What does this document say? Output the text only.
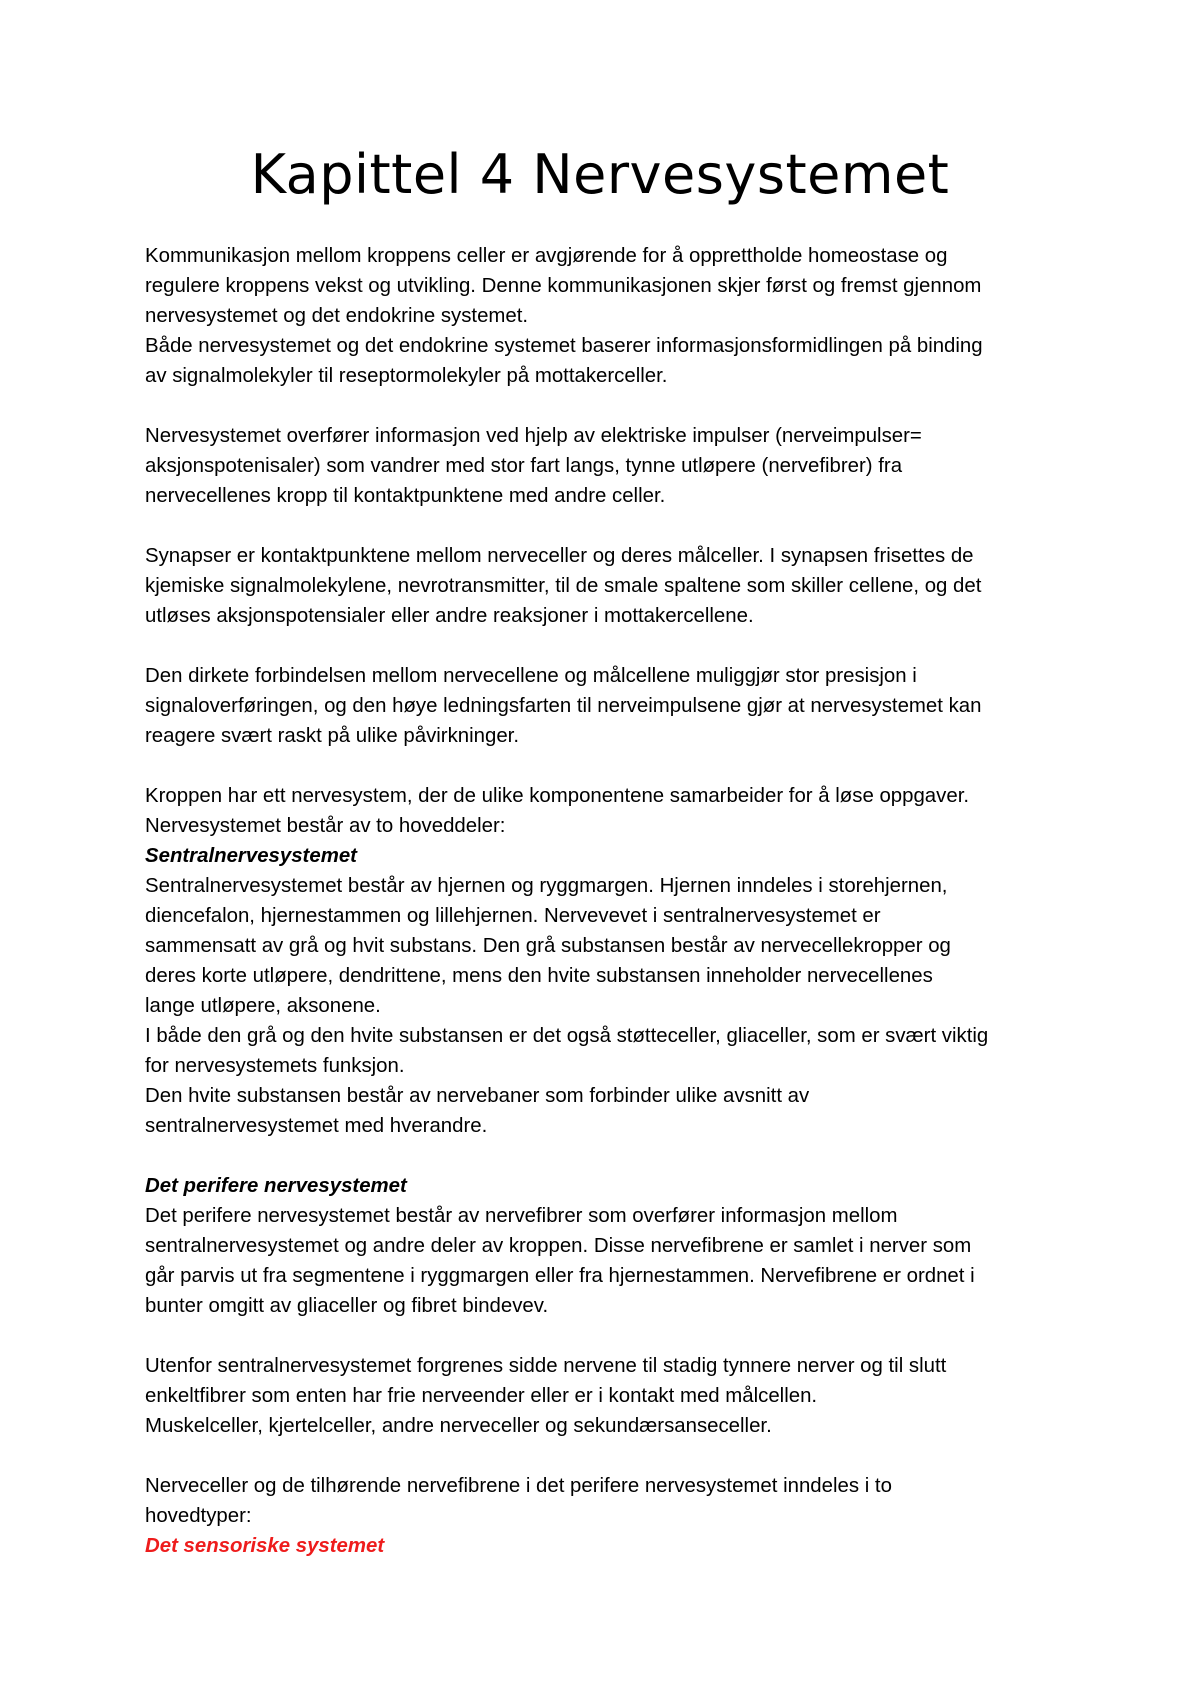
Kapittel 4 Nervesystemet
Kommunikasjon mellom kroppens celler er avgjørende for å opprettholde homeostase og
regulere kroppens vekst og utvikling. Denne kommunikasjonen skjer først og fremst gjennom
nervesystemet og det endokrine systemet.
Både nervesystemet og det endokrine systemet baserer informasjonsformidlingen på binding
av signalmolekyler til reseptormolekyler på mottakerceller.
Nervesystemet overfører informasjon ved hjelp av elektriske impulser (nerveimpulser=
aksjonspotenisaler) som vandrer med stor fart langs, tynne utløpere (nervefibrer) fra
nervecellenes kropp til kontaktpunktene med andre celler.
Synapser er kontaktpunktene mellom nerveceller og deres målceller. I synapsen frisettes de
kjemiske signalmolekylene, nevrotransmitter, til de smale spaltene som skiller cellene, og det
utløses aksjonspotensialer eller andre reaksjoner i mottakercellene.
Den dirkete forbindelsen mellom nervecellene og målcellene muliggjør stor presisjon i
signaloverføringen, og den høye ledningsfarten til nerveimpulsene gjør at nervesystemet kan
reagere svært raskt på ulike påvirkninger.
Kroppen har ett nervesystem, der de ulike komponentene samarbeider for å løse oppgaver.
Nervesystemet består av to hoveddeler:
Sentralnervesystemet
Sentralnervesystemet består av hjernen og ryggmargen. Hjernen inndeles i storehjernen,
diencefalon, hjernestammen og lillehjernen. Nervevevet i sentralnervesystemet er
sammensatt av grå og hvit substans. Den grå substansen består av nervecellekropper og
deres korte utløpere, dendrittene, mens den hvite substansen inneholder nervecellenes
lange utløpere, aksonene.
I både den grå og den hvite substansen er det også støtteceller, gliaceller, som er svært viktig
for nervesystemets funksjon.
Den hvite substansen består av nervebaner som forbinder ulike avsnitt av
sentralnervesystemet med hverandre.
Det perifere nervesystemet
Det perifere nervesystemet består av nervefibrer som overfører informasjon mellom
sentralnervesystemet og andre deler av kroppen. Disse nervefibrene er samlet i nerver som
går parvis ut fra segmentene i ryggmargen eller fra hjernestammen. Nervefibrene er ordnet i
bunter omgitt av gliaceller og fibret bindevev.
Utenfor sentralnervesystemet forgrenes sidde nervene til stadig tynnere nerver og til slutt
enkeltfibrer som enten har frie nerveender eller er i kontakt med målcellen.
Muskelceller, kjertelceller, andre nerveceller og sekundærsanseceller.
Nerveceller og de tilhørende nervefibrene i det perifere nervesystemet inndeles i to
hovedtyper:
Det sensoriske systemet
